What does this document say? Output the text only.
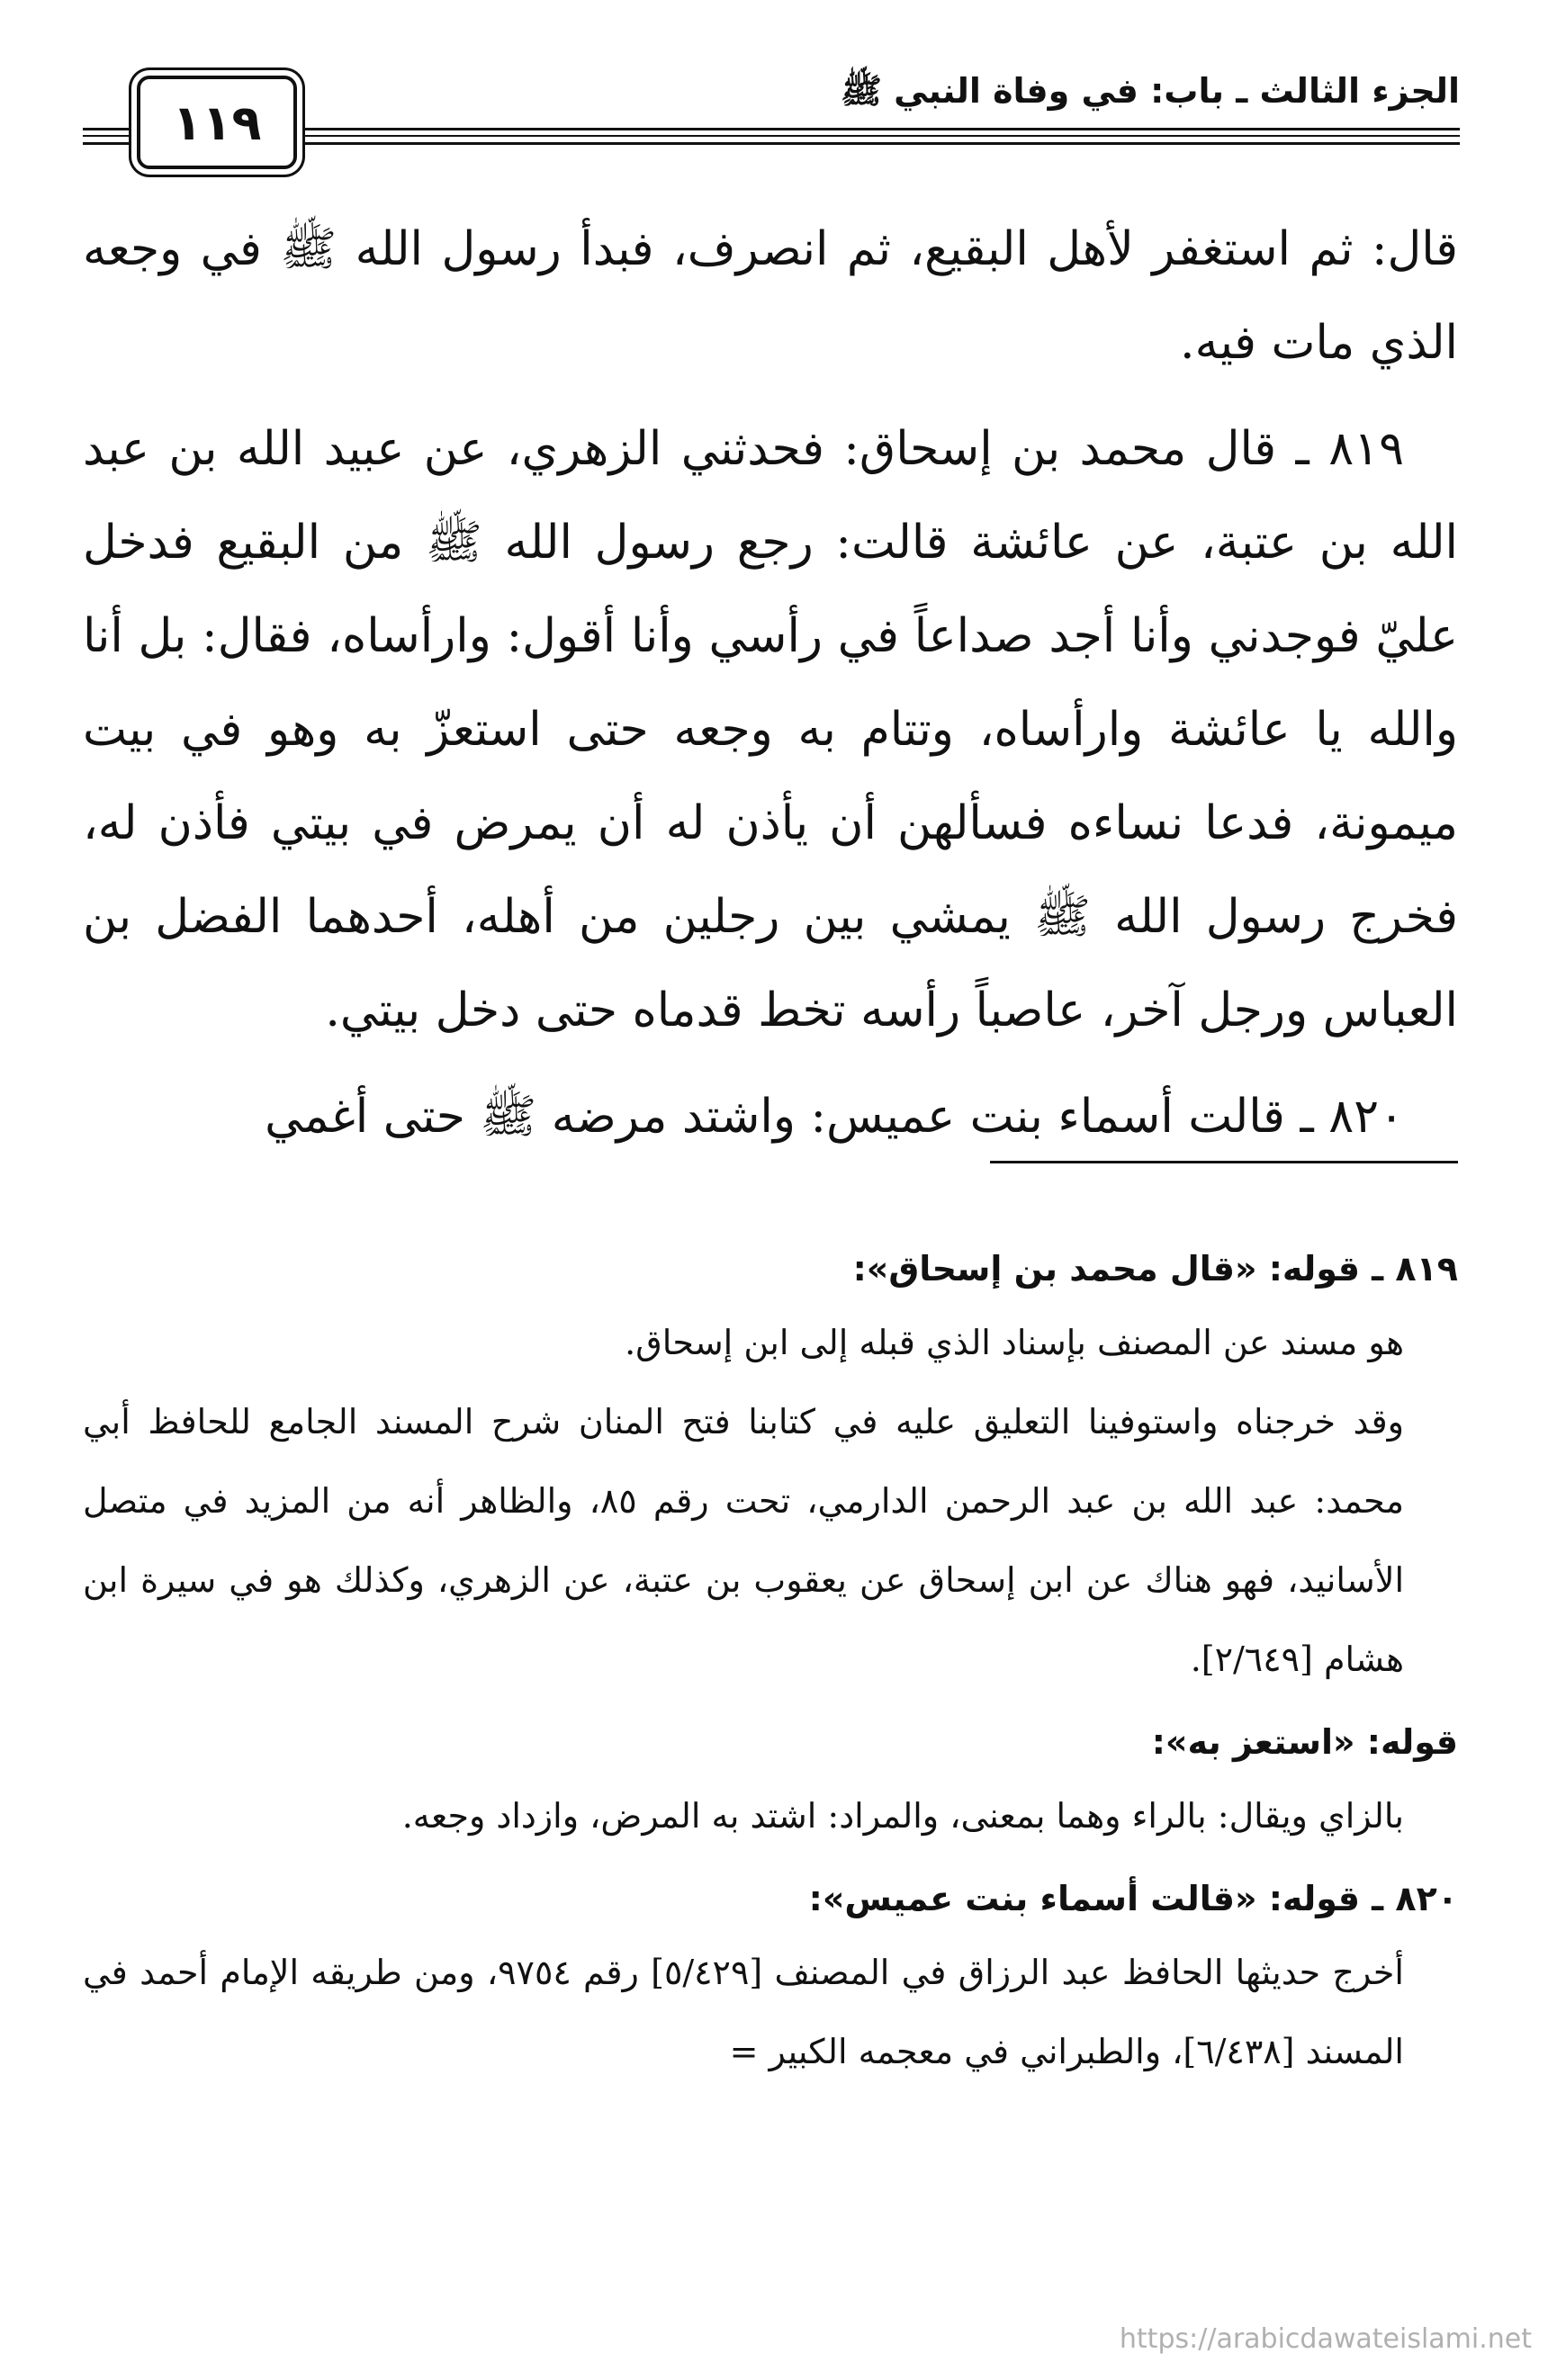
١١٩
الجزء الثالث ـ باب: في وفاة النبي ﷺ

قال: ثم استغفر لأهل البقيع، ثم انصرف، فبدأ رسول الله ﷺ في وجعه الذي مات فيه.

٨١٩ ـ قال محمد بن إسحاق: فحدثني الزهري، عن عبيد الله بن عبد الله بن عتبة، عن عائشة قالت: رجع رسول الله ﷺ من البقيع فدخل عليّ فوجدني وأنا أجد صداعاً في رأسي وأنا أقول: وارأساه، فقال: بل أنا والله يا عائشة وارأساه، وتتام به وجعه حتى استعزّ به وهو في بيت ميمونة، فدعا نساءه فسألهن أن يأذن له أن يمرض في بيتي فأذن له، فخرج رسول الله ﷺ يمشي بين رجلين من أهله، أحدهما الفضل بن العباس ورجل آخر، عاصباً رأسه تخط قدماه حتى دخل بيتي.

٨٢٠ ـ قالت أسماء بنت عميس: واشتد مرضه ﷺ حتى أغمي

٨١٩ ـ قوله: «قال محمد بن إسحاق»:

هو مسند عن المصنف بإسناد الذي قبله إلى ابن إسحاق.

وقد خرجناه واستوفينا التعليق عليه في كتابنا فتح المنان شرح المسند الجامع للحافظ أبي محمد: عبد الله بن عبد الرحمن الدارمي، تحت رقم ٨٥، والظاهر أنه من المزيد في متصل الأسانيد، فهو هناك عن ابن إسحاق عن يعقوب بن عتبة، عن الزهري، وكذلك هو في سيرة ابن هشام [٢/٦٤٩].

قوله: «استعز به»:

بالزاي ويقال: بالراء وهما بمعنى، والمراد: اشتد به المرض، وازداد وجعه.

٨٢٠ ـ قوله: «قالت أسماء بنت عميس»:

أخرج حديثها الحافظ عبد الرزاق في المصنف [٥/٤٢٩] رقم ٩٧٥٤، ومن طريقه الإمام أحمد في المسند [٦/٤٣٨]، والطبراني في معجمه الكبير =

https://arabicdawateislami.net
